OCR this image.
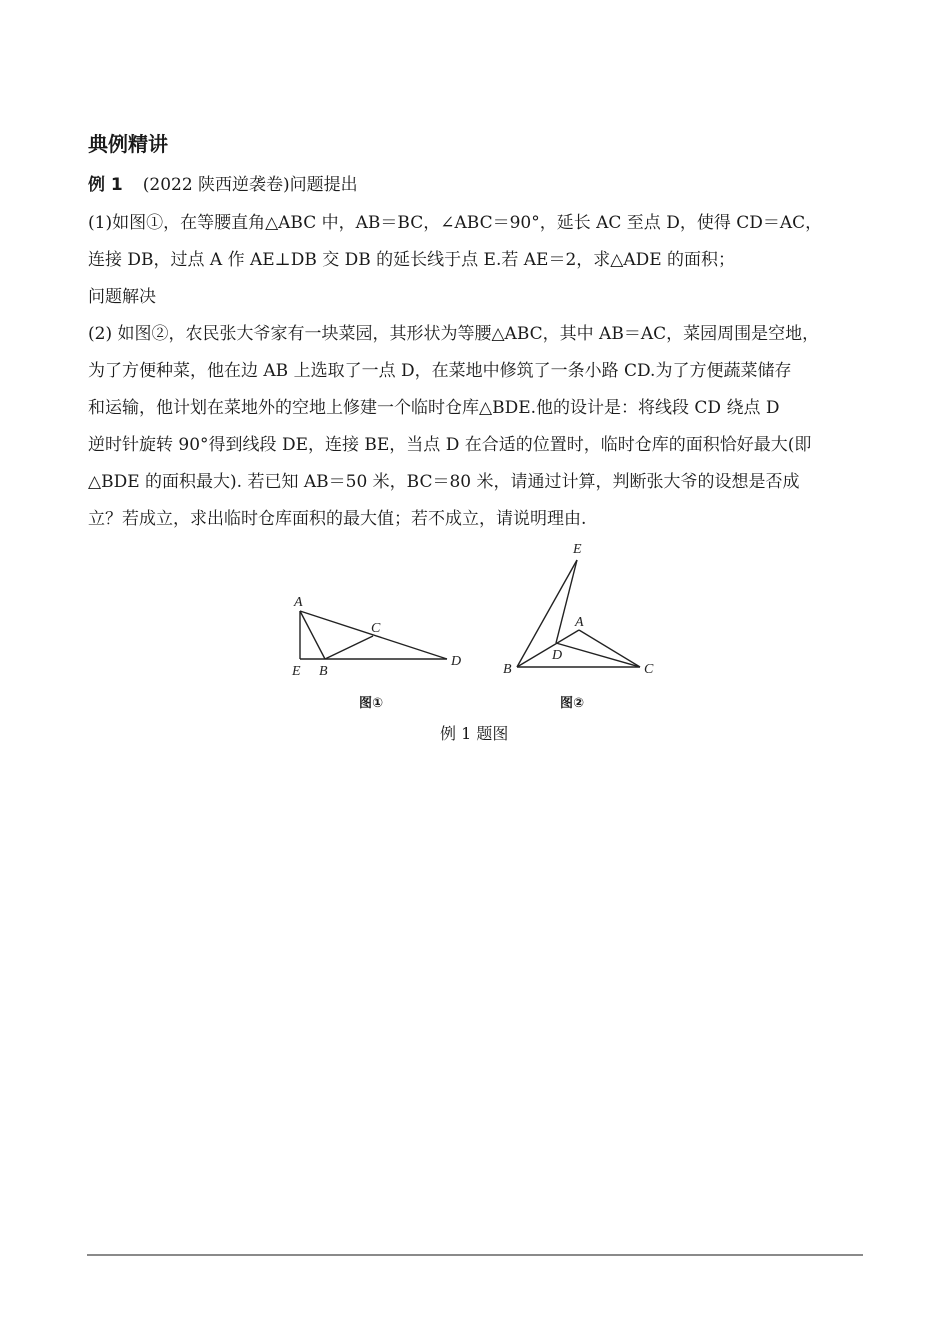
典例精讲
例 1 (2022 陕西逆袭卷)问题提出
(1)如图①，在等腰直角△ABC 中，AB＝BC，∠ABC＝90°，延长 AC 至点 D，使得 CD＝AC，
连接 DB，过点 A 作 AE⊥DB 交 DB 的延长线于点 E.若 AE＝2，求△ADE 的面积；
问题解决
(2) 如图②，农民张大爷家有一块菜园，其形状为等腰△ABC，其中 AB＝AC，菜园周围是空地，
为了方便种菜，他在边 AB 上选取了一点 D，在菜地中修筑了一条小路 CD.为了方便蔬菜储存
和运输，他计划在菜地外的空地上修建一个临时仓库△BDE.他的设计是：将线段 CD 绕点 D
逆时针旋转 90°得到线段 DE，连接 BE，当点 D 在合适的位置时，临时仓库的面积恰好最大(即
△BDE 的面积最大). 若已知 AB＝50 米，BC＝80 米，请通过计算，判断张大爷的设想是否成
立？若成立，求出临时仓库面积的最大值；若不成立，请说明理由.
A
C
E B
D
E
A
D
B	C
图①	图②
例 1 题图
